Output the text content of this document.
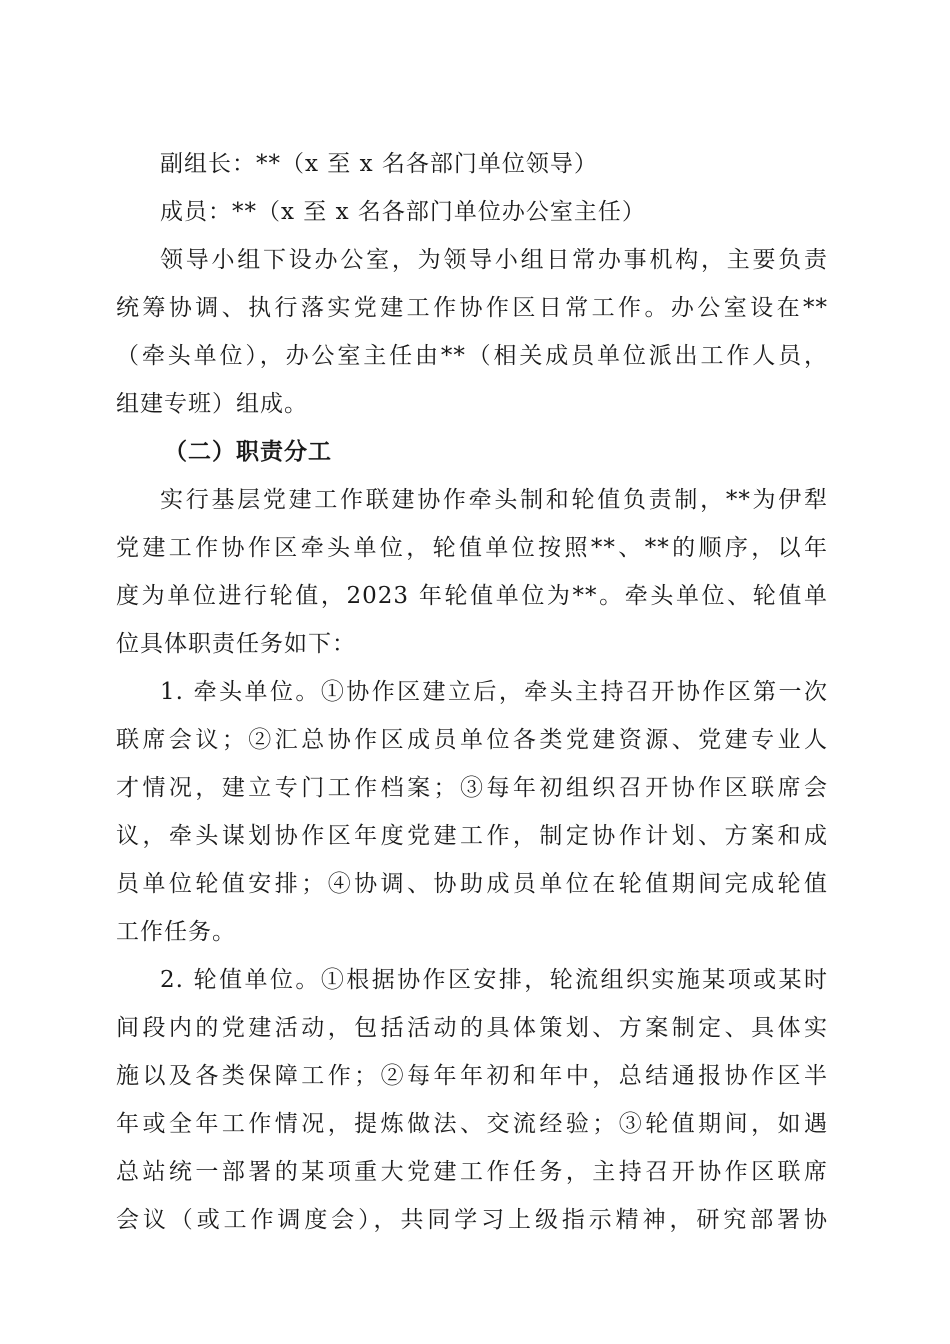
副组长：**（x 至 x 名各部门单位领导）
成员：**（x 至 x 名各部门单位办公室主任）
领导小组下设办公室，为领导小组日常办事机构，主要负责
统筹协调、执行落实党建工作协作区日常工作。办公室设在**
（牵头单位），办公室主任由**（相关成员单位派出工作人员，
组建专班）组成。
（二）职责分工
实行基层党建工作联建协作牵头制和轮值负责制，**为伊犁
党建工作协作区牵头单位，轮值单位按照**、**的顺序，以年
度为单位进行轮值，2023 年轮值单位为**。牵头单位、轮值单
位具体职责任务如下：
1. 牵头单位。①协作区建立后，牵头主持召开协作区第一次
联席会议；②汇总协作区成员单位各类党建资源、党建专业人
才情况，建立专门工作档案；③每年初组织召开协作区联席会
议，牵头谋划协作区年度党建工作，制定协作计划、方案和成
员单位轮值安排；④协调、协助成员单位在轮值期间完成轮值
工作任务。
2. 轮值单位。①根据协作区安排，轮流组织实施某项或某时
间段内的党建活动，包括活动的具体策划、方案制定、具体实
施以及各类保障工作；②每年年初和年中，总结通报协作区半
年或全年工作情况，提炼做法、交流经验；③轮值期间，如遇
总站统一部署的某项重大党建工作任务，主持召开协作区联席
会议（或工作调度会），共同学习上级指示精神，研究部署协
